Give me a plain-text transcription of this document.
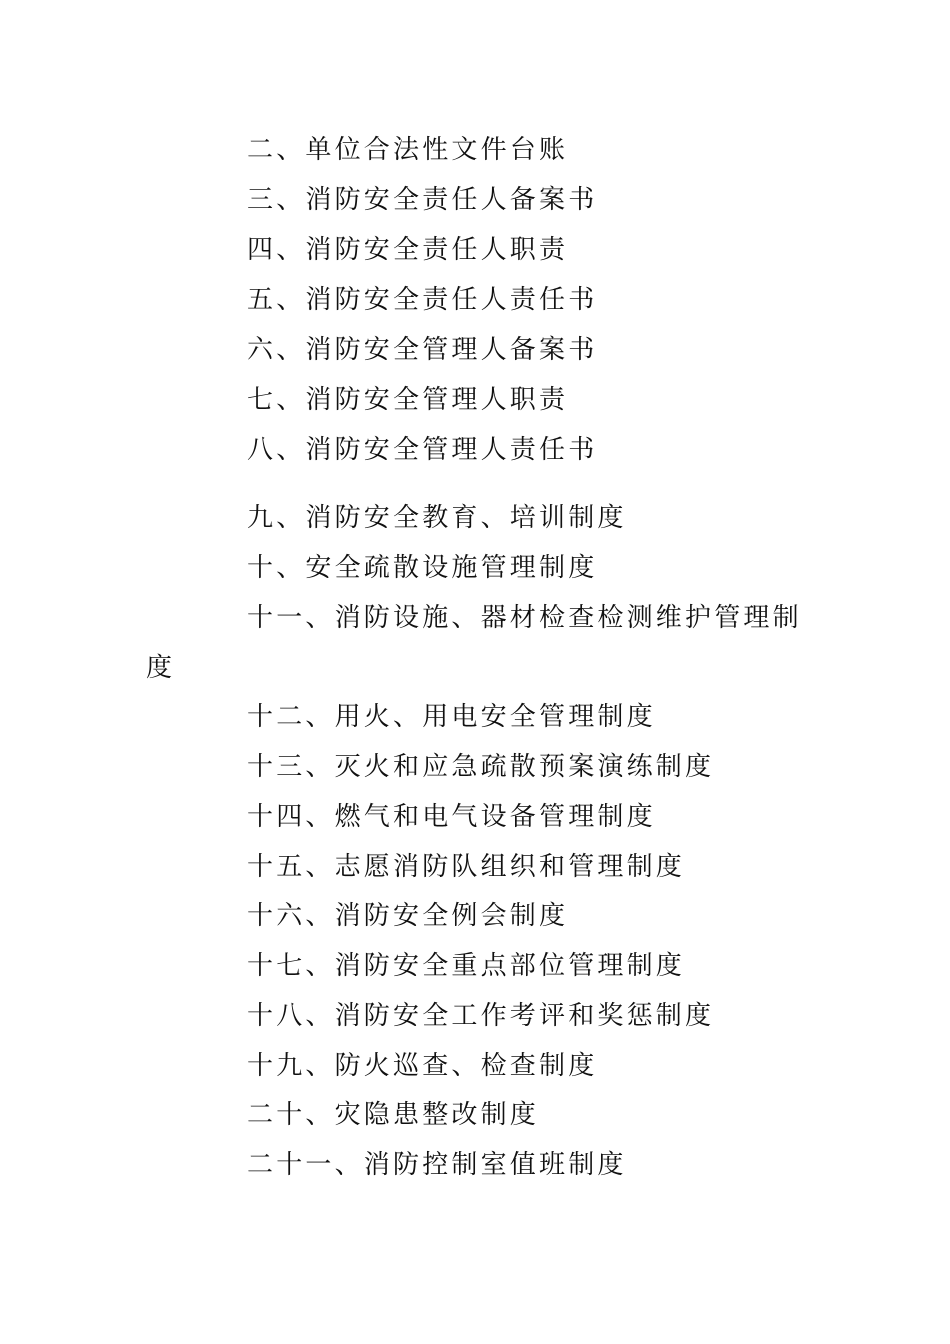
二、单位合法性文件台账
三、消防安全责任人备案书
四、消防安全责任人职责
五、消防安全责任人责任书
六、消防安全管理人备案书
七、消防安全管理人职责
八、消防安全管理人责任书
九、消防安全教育、培训制度
十、安全疏散设施管理制度
十一、消防设施、器材检查检测维护管理制
度
十二、用火、用电安全管理制度
十三、灭火和应急疏散预案演练制度
十四、燃气和电气设备管理制度
十五、志愿消防队组织和管理制度
十六、消防安全例会制度
十七、消防安全重点部位管理制度
十八、消防安全工作考评和奖惩制度
十九、防火巡查、检查制度
二十、灾隐患整改制度
二十一、消防控制室值班制度
